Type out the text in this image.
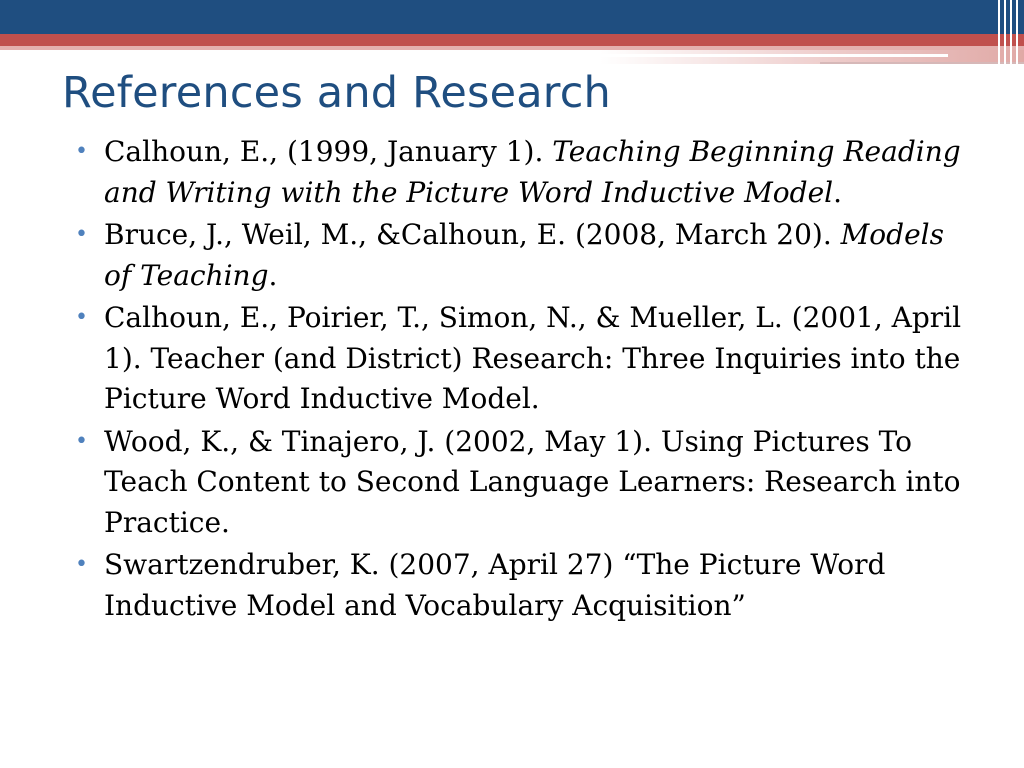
References and Research
• Calhoun, E., (1999, January 1). Teaching Beginning Reading and Writing with the Picture Word Inductive Model.
• Bruce, J., Weil, M., &Calhoun, E. (2008, March 20). Models of Teaching.
• Calhoun, E., Poirier, T., Simon, N., & Mueller, L. (2001, April 1). Teacher (and District) Research: Three Inquiries into the Picture Word Inductive Model.
• Wood, K., & Tinajero, J. (2002, May 1). Using Pictures To Teach Content to Second Language Learners: Research into Practice.
• Swartzendruber, K. (2007, April 27) “The Picture Word Inductive Model and Vocabulary Acquisition”
